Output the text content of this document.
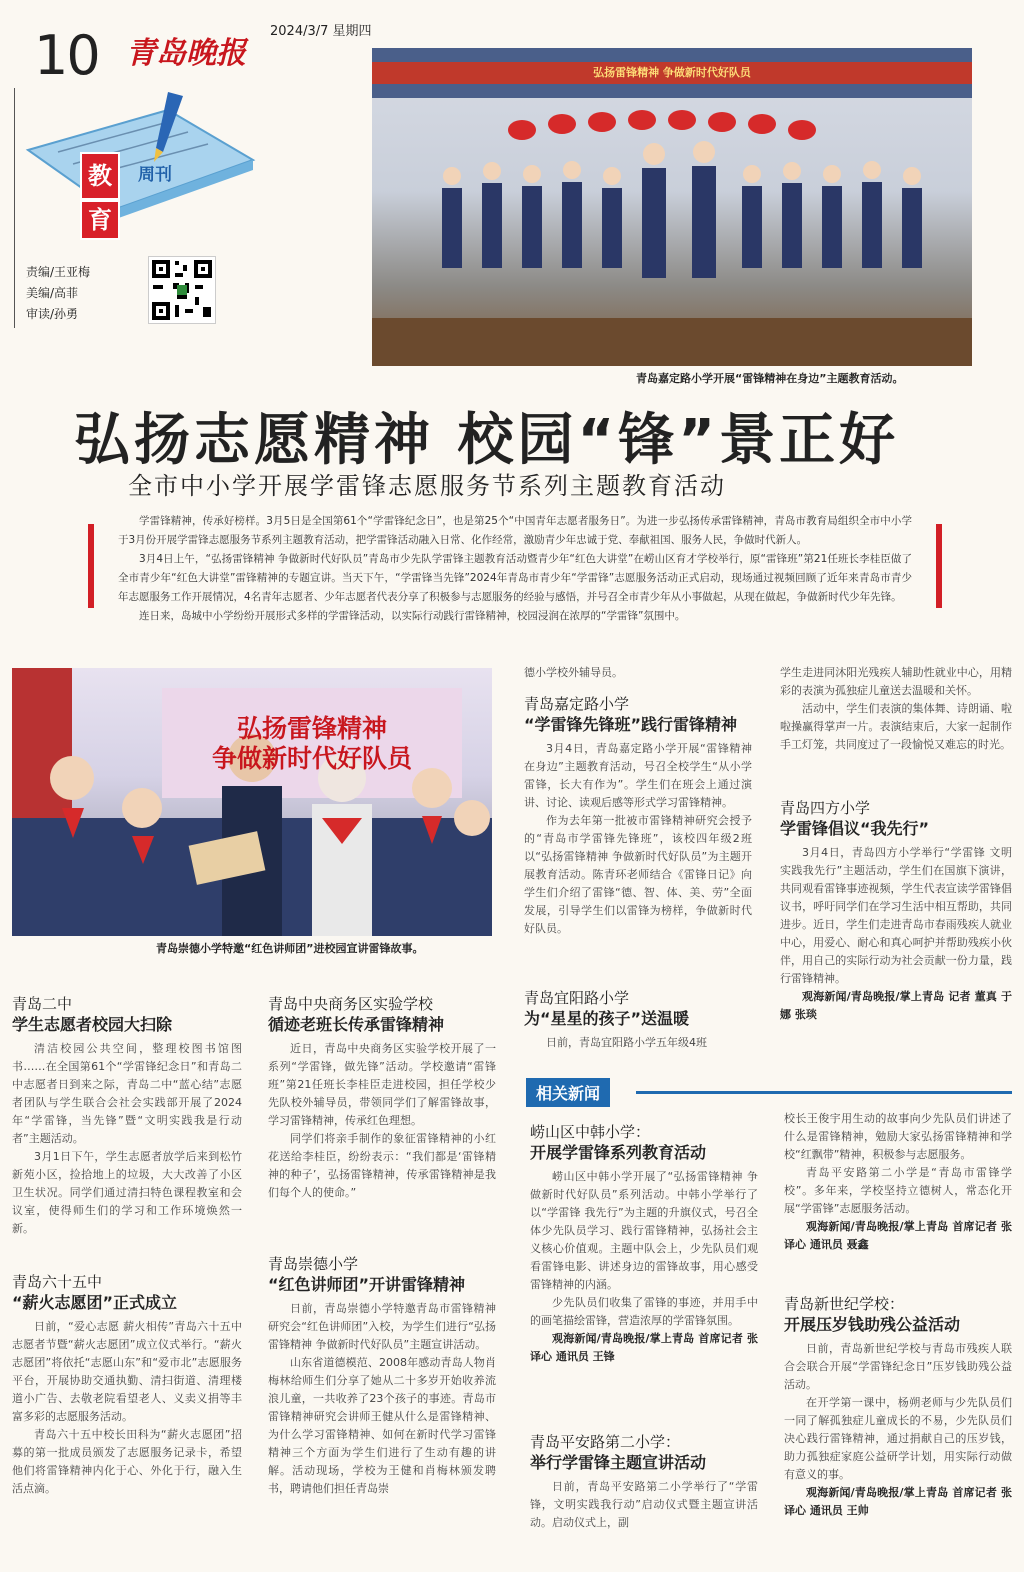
10 青岛晚报
2024/3/7 星期四
教
育
周刊
责编/王亚梅
美编/高菲
审读/孙勇
弘扬雷锋精神 争做新时代好队员
青岛嘉定路小学开展“雷锋精神在身边”主题教育活动。
弘扬志愿精神 校园“锋”景正好
全市中小学开展学雷锋志愿服务节系列主题教育活动

学雷锋精神，传承好榜样。3月5日是全国第61个“学雷锋纪念日”，也是第25个“中国青年志愿者服务日”。为进一步弘扬传承雷锋精神，青岛市教育局组织全市中小学于3月份开展学雷锋志愿服务节系列主题教育活动，把学雷锋活动融入日常、化作经常，激励青少年忠诚于党、奉献祖国、服务人民，争做时代新人。

3月4日上午，“弘扬雷锋精神 争做新时代好队员”青岛市少先队学雷锋主题教育活动暨青少年“红色大讲堂”在崂山区育才学校举行，原“雷锋班”第21任班长李桂臣做了全市青少年“红色大讲堂”雷锋精神的专题宣讲。当天下午，“学雷锋当先锋”2024年青岛市青少年“学雷锋”志愿服务活动正式启动，现场通过视频回顾了近年来青岛市青少年志愿服务工作开展情况，4名青年志愿者、少年志愿者代表分享了积极参与志愿服务的经验与感悟，并号召全市青少年从小事做起，从现在做起，争做新时代少年先锋。

连日来，岛城中小学纷纷开展形式多样的学雷锋活动，以实际行动践行雷锋精神，校园浸润在浓厚的“学雷锋”氛围中。

弘扬雷锋精神
争做新时代好队员
青岛崇德小学特邀“红色讲师团”进校园宣讲雷锋故事。
青岛二中
学生志愿者校园大扫除

清洁校园公共空间，整理校图书馆图书……在全国第61个“学雷锋纪念日”和青岛二中志愿者日到来之际，青岛二中“蓝心结”志愿者团队与学生联合会社会实践部开展了2024年“学雷锋，当先锋”暨“文明实践我是行动者”主题活动。

3月1日下午，学生志愿者放学后来到松竹新苑小区，捡拾地上的垃圾，大大改善了小区卫生状况。同学们通过清扫特色课程教室和会议室，使得师生们的学习和工作环境焕然一新。

青岛六十五中
“薪火志愿团”正式成立

日前，“爱心志愿 薪火相传”青岛六十五中志愿者节暨“薪火志愿团”成立仪式举行。“薪火志愿团”将依托“志愿山东”和“爱市北”志愿服务平台，开展协助交通执勤、清扫街道、清理楼道小广告、去敬老院看望老人、义卖义捐等丰富多彩的志愿服务活动。

青岛六十五中校长田科为“薪火志愿团”招募的第一批成员颁发了志愿服务记录卡，希望他们将雷锋精神内化于心、外化于行，融入生活点滴。

青岛中央商务区实验学校
循迹老班长传承雷锋精神

近日，青岛中央商务区实验学校开展了一系列“学雷锋，做先锋”活动。学校邀请“雷锋班”第21任班长李桂臣走进校园，担任学校少先队校外辅导员，带领同学们了解雷锋故事，学习雷锋精神，传承红色理想。

同学们将亲手制作的象征雷锋精神的小红花送给李桂臣，纷纷表示：“我们都是‘雷锋精神的种子’，弘扬雷锋精神，传承雷锋精神是我们每个人的使命。”

青岛崇德小学
“红色讲师团”开讲雷锋精神

日前，青岛崇德小学特邀青岛市雷锋精神研究会“红色讲师团”入校，为学生们进行“弘扬雷锋精神 争做新时代好队员”主题宣讲活动。

山东省道德模范、2008年感动青岛人物肖梅林给师生们分享了她从二十多岁开始收养流浪儿童，一共收养了23个孩子的事迹。青岛市雷锋精神研究会讲师王健从什么是雷锋精神、为什么学习雷锋精神、如何在新时代学习雷锋精神三个方面为学生们进行了生动有趣的讲解。活动现场，学校为王健和肖梅林颁发聘书，聘请他们担任青岛崇

德小学校外辅导员。
青岛嘉定路小学
“学雷锋先锋班”践行雷锋精神

3月4日，青岛嘉定路小学开展“雷锋精神在身边”主题教育活动，号召全校学生“从小学雷锋，长大有作为”。学生们在班会上通过演讲、讨论、读观后感等形式学习雷锋精神。

作为去年第一批被市雷锋精神研究会授予的“青岛市学雷锋先锋班”，该校四年级2班以“弘扬雷锋精神 争做新时代好队员”为主题开展教育活动。陈青环老师结合《雷锋日记》向学生们介绍了雷锋“德、智、体、美、劳”全面发展，引导学生们以雷锋为榜样，争做新时代好队员。

青岛宜阳路小学
为“星星的孩子”送温暖

日前，青岛宜阳路小学五年级4班

学生走进同沐阳光残疾人辅助性就业中心，用精彩的表演为孤独症儿童送去温暖和关怀。

活动中，学生们表演的集体舞、诗朗诵、啦啦操赢得掌声一片。表演结束后，大家一起制作手工灯笼，共同度过了一段愉悦又难忘的时光。

青岛四方小学
学雷锋倡议“我先行”

3月4日，青岛四方小学举行“学雷锋 文明实践我先行”主题活动，学生们在国旗下演讲，共同观看雷锋事迹视频，学生代表宣读学雷锋倡议书，呼吁同学们在学习生活中相互帮助，共同进步。近日，学生们走进青岛市春雨残疾人就业中心，用爱心、耐心和真心呵护并帮助残疾小伙伴，用自己的实际行动为社会贡献一份力量，践行雷锋精神。

观海新闻/青岛晚报/掌上青岛 记者 董真 于娜 张琰

相关新闻
崂山区中韩小学：
开展学雷锋系列教育活动

崂山区中韩小学开展了“弘扬雷锋精神 争做新时代好队员”系列活动。中韩小学举行了以“学雷锋 我先行”为主题的升旗仪式，号召全体少先队员学习、践行雷锋精神，弘扬社会主义核心价值观。主题中队会上，少先队员们观看雷锋电影、讲述身边的雷锋故事，用心感受雷锋精神的内涵。

少先队员们收集了雷锋的事迹，并用手中的画笔描绘雷锋，营造浓厚的学雷锋氛围。

观海新闻/青岛晚报/掌上青岛 首席记者 张译心 通讯员 王锋

青岛平安路第二小学：
举行学雷锋主题宣讲活动

日前，青岛平安路第二小学举行了“学雷锋，文明实践我行动”启动仪式暨主题宣讲活动。启动仪式上，副

校长王俊宇用生动的故事向少先队员们讲述了什么是雷锋精神，勉励大家弘扬雷锋精神和学校“红飘带”精神，积极参与志愿服务。

青岛平安路第二小学是“青岛市雷锋学校”。多年来，学校坚持立德树人，常态化开展“学雷锋”志愿服务活动。

观海新闻/青岛晚报/掌上青岛 首席记者 张译心 通讯员 聂鑫

青岛新世纪学校：
开展压岁钱助残公益活动

日前，青岛新世纪学校与青岛市残疾人联合会联合开展“学雷锋纪念日”压岁钱助残公益活动。

在开学第一课中，杨朔老师与少先队员们一同了解孤独症儿童成长的不易，少先队员们决心践行雷锋精神，通过捐献自己的压岁钱，助力孤独症家庭公益研学计划，用实际行动做有意义的事。

观海新闻/青岛晚报/掌上青岛 首席记者 张译心 通讯员 王帅
